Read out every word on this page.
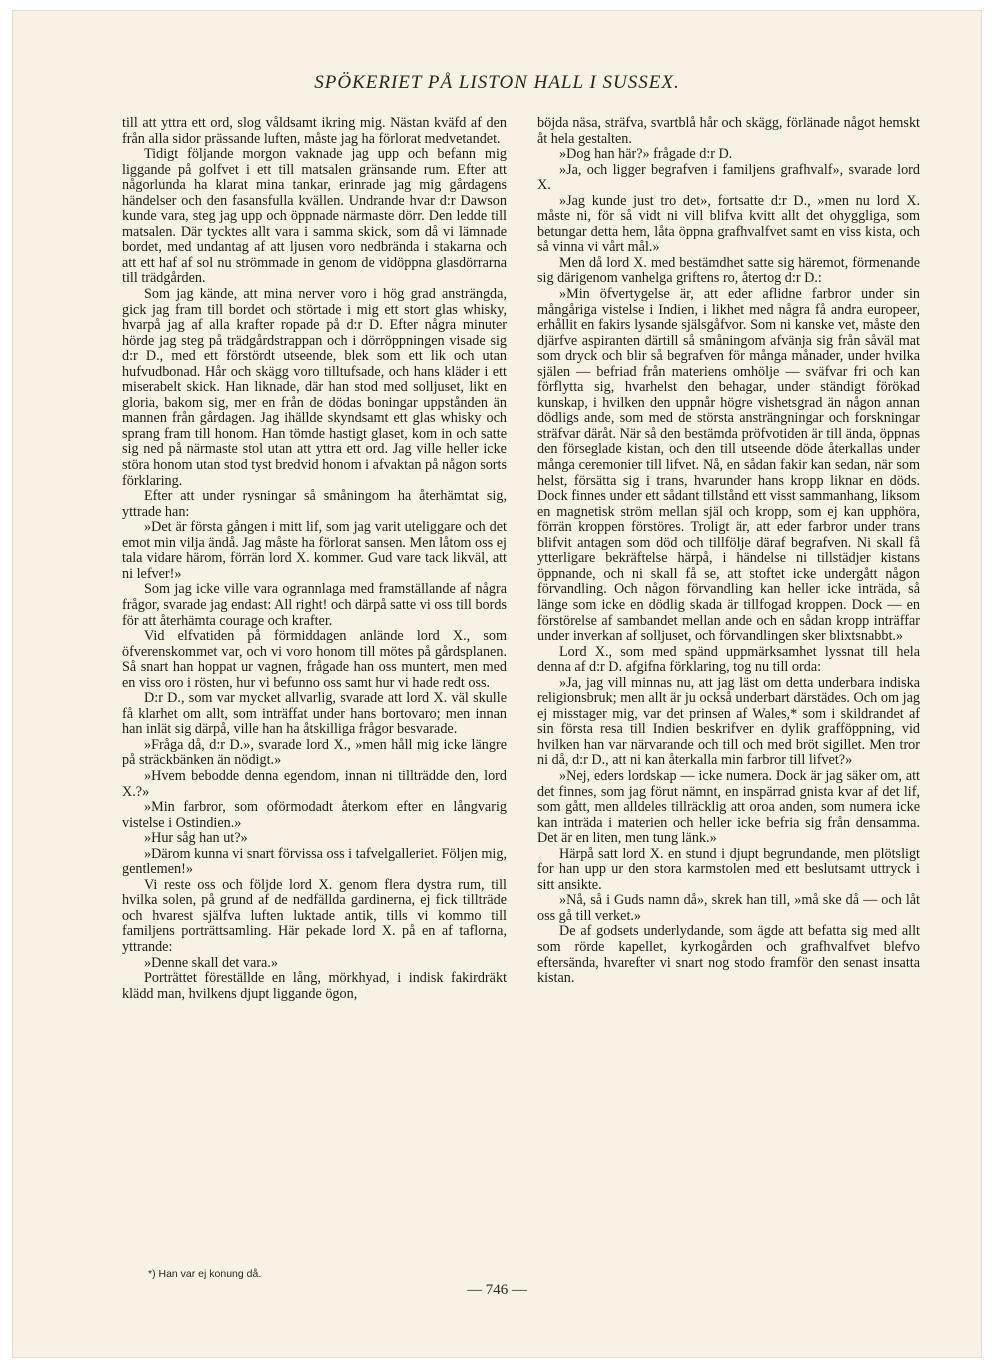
SPÖKERIET PÅ LISTON HALL I SUSSEX.

till att yttra ett ord, slog våldsamt ikring mig. Nästan kväfd af den från alla sidor prässande luften, måste jag ha förlorat medvetandet.

Tidigt följande morgon vaknade jag upp och befann mig liggande på golfvet i ett till matsalen gränsande rum. Efter att någorlunda ha klarat mina tankar, erinrade jag mig gårdagens händelser och den fasansfulla kvällen. Undrande hvar d:r Dawson kunde vara, steg jag upp och öppnade närmaste dörr. Den ledde till matsalen. Där tycktes allt vara i samma skick, som då vi lämnade bordet, med undantag af att ljusen voro nedbrända i stakarna och att ett haf af sol nu strömmade in genom de vidöppna glasdörrarna till trädgården.

Som jag kände, att mina nerver voro i hög grad ansträngda, gick jag fram till bordet och störtade i mig ett stort glas whisky, hvarpå jag af alla krafter ropade på d:r D. Efter några minuter hörde jag steg på trädgårdstrappan och i dörröppningen visade sig d:r D., med ett förstördt utseende, blek som ett lik och utan hufvudbonad. Hår och skägg voro tilltufsade, och hans kläder i ett miserabelt skick. Han liknade, där han stod med solljuset, likt en gloria, bakom sig, mer en från de dödas boningar uppstånden än mannen från gårdagen. Jag ihällde skyndsamt ett glas whisky och sprang fram till honom. Han tömde hastigt glaset, kom in och satte sig ned på närmaste stol utan att yttra ett ord. Jag ville heller icke störa honom utan stod tyst bredvid honom i afvaktan på någon sorts förklaring.

Efter att under rysningar så småningom ha återhämtat sig, yttrade han:

»Det är första gången i mitt lif, som jag varit uteliggare och det emot min vilja ändå. Jag måste ha förlorat sansen. Men låtom oss ej tala vidare härom, förrän lord X. kommer. Gud vare tack likväl, att ni lefver!»

Som jag icke ville vara ogrannlaga med framställande af några frågor, svarade jag endast: All right! och därpå satte vi oss till bords för att återhämta courage och krafter.

Vid elfvatiden på förmiddagen anlände lord X., som öfverenskommet var, och vi voro honom till mötes på gårdsplanen. Så snart han hoppat ur vagnen, frågade han oss muntert, men med en viss oro i rösten, hur vi befunno oss samt hur vi hade redt oss.

D:r D., som var mycket allvarlig, svarade att lord X. väl skulle få klarhet om allt, som inträffat under hans bortovaro; men innan han inlät sig därpå, ville han ha åtskilliga frågor besvarade.

»Fråga då, d:r D.», svarade lord X., »men håll mig icke längre på sträckbänken än nödigt.»

»Hvem bebodde denna egendom, innan ni tillträdde den, lord X.?»

»Min farbror, som oförmodadt återkom efter en långvarig vistelse i Ostindien.»

»Hur såg han ut?»

»Därom kunna vi snart förvissa oss i tafvelgalleriet. Följen mig, gentlemen!»

Vi reste oss och följde lord X. genom flera dystra rum, till hvilka solen, på grund af de nedfällda gardinerna, ej fick tillträde och hvarest själfva luften luktade antik, tills vi kommo till familjens porträttsamling. Här pekade lord X. på en af taflorna, yttrande:

»Denne skall det vara.»

Porträttet föreställde en lång, mörkhyad, i indisk fakirdräkt klädd man, hvilkens djupt liggande ögon,

böjda näsa, sträfva, svartblå hår och skägg, förlänade något hemskt åt hela gestalten.

»Dog han här?» frågade d:r D.

»Ja, och ligger begrafven i familjens grafhvalf», svarade lord X.

»Jag kunde just tro det», fortsatte d:r D., »men nu lord X. måste ni, för så vidt ni vill blifva kvitt allt det ohyggliga, som betungar detta hem, låta öppna grafhvalfvet samt en viss kista, och så vinna vi vårt mål.»

Men då lord X. med bestämdhet satte sig häremot, förmenande sig därigenom vanhelga griftens ro, återtog d:r D.:

»Min öfvertygelse är, att eder aflidne farbror under sin mångåriga vistelse i Indien, i likhet med några få andra europeer, erhållit en fakirs lysande själsgåfvor. Som ni kanske vet, måste den djärfve aspiranten därtill så småningom afvänja sig från såväl mat som dryck och blir så begrafven för många månader, under hvilka själen — befriad från materiens omhölje — sväfvar fri och kan förflytta sig, hvarhelst den behagar, under ständigt förökad kunskap, i hvilken den uppnår högre vishetsgrad än någon annan dödligs ande, som med de största ansträngningar och forskningar sträfvar däråt. När så den bestämda pröfvotiden är till ända, öppnas den förseglade kistan, och den till utseende döde återkallas under många ceremonier till lifvet. Nå, en sådan fakir kan sedan, när som helst, försätta sig i trans, hvarunder hans kropp liknar en döds. Dock finnes under ett sådant tillstånd ett visst sammanhang, liksom en magnetisk ström mellan själ och kropp, som ej kan upphöra, förrän kroppen förstöres. Troligt är, att eder farbror under trans blifvit antagen som död och tillfölje däraf begrafven. Ni skall få ytterligare bekräftelse härpå, i händelse ni tillstädjer kistans öppnande, och ni skall få se, att stoftet icke undergått någon förvandling. Och någon förvandling kan heller icke inträda, så länge som icke en dödlig skada är tillfogad kroppen. Dock — en förstörelse af sambandet mellan ande och en sådan kropp inträffar under inverkan af solljuset, och förvandlingen sker blixtsnabbt.»

Lord X., som med spänd uppmärksamhet lyssnat till hela denna af d:r D. afgifna förklaring, tog nu till orda:

»Ja, jag vill minnas nu, att jag läst om detta underbara indiska religionsbruk; men allt är ju också underbart därstädes. Och om jag ej misstager mig, var det prinsen af Wales,* som i skildrandet af sin första resa till Indien beskrifver en dylik grafföppning, vid hvilken han var närvarande och till och med bröt sigillet. Men tror ni då, d:r D., att ni kan återkalla min farbror till lifvet?»

»Nej, eders lordskap — icke numera. Dock är jag säker om, att det finnes, som jag förut nämnt, en inspärrad gnista kvar af det lif, som gått, men alldeles tillräcklig att oroa anden, som numera icke kan inträda i materien och heller icke befria sig från densamma. Det är en liten, men tung länk.»

Härpå satt lord X. en stund i djupt begrundande, men plötsligt for han upp ur den stora karmstolen med ett beslutsamt uttryck i sitt ansikte.

»Nå, så i Guds namn då», skrek han till, »må ske då — och låt oss gå till verket.»

De af godsets underlydande, som ägde att befatta sig med allt som rörde kapellet, kyrkogården och grafhvalfvet blefvo eftersända, hvarefter vi snart nog stodo framför den senast insatta kistan.

*) Han var ej konung då.
— 746 —
